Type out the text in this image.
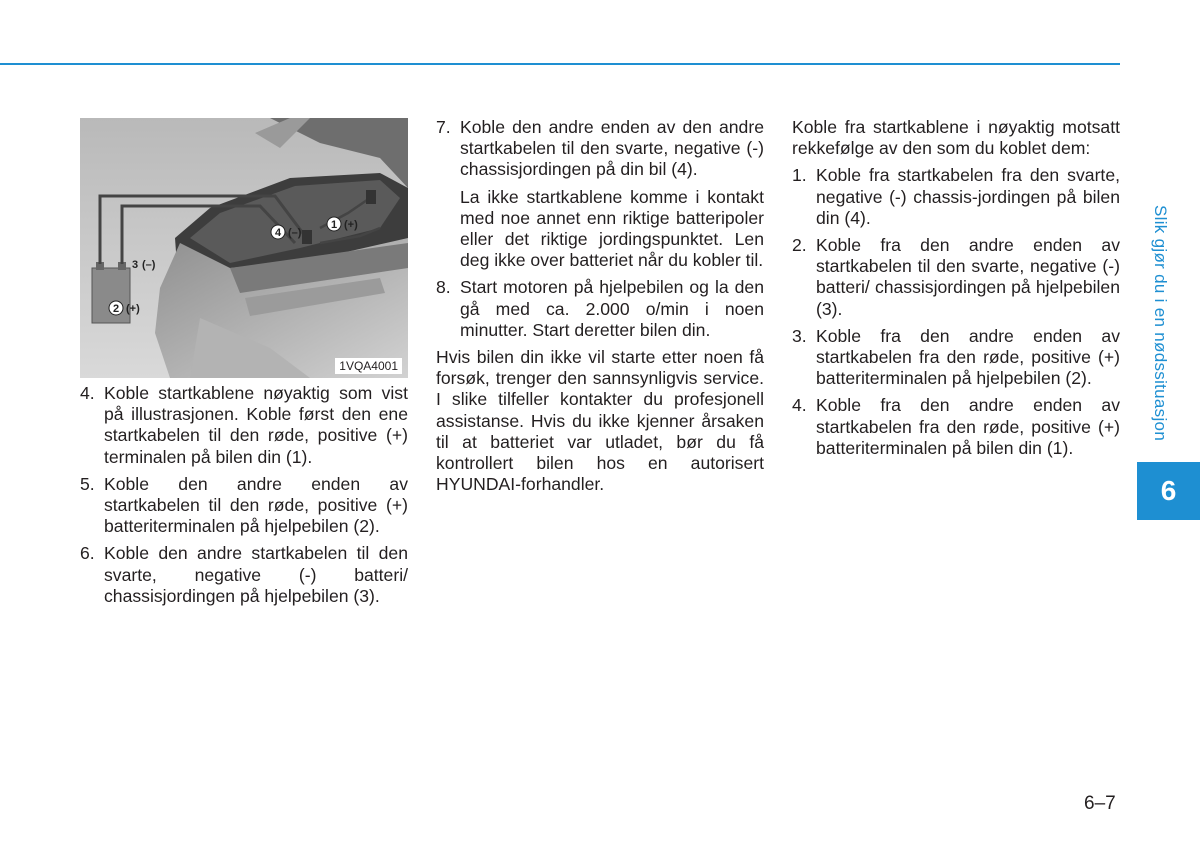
1 (+)
2 (+)
3 (–)
4 (–)
1VQA4001
4. Koble startkablene nøyaktig som vist på illustrasjonen. Koble først den ene startkabelen til den røde, positive (+) terminalen på bilen din (1).
5. Koble den andre enden av startkabelen til den røde, positive (+) batteriterminalen på hjelpebilen (2).
6. Koble den andre startkabelen til den svarte, negative (-) batteri/ chassisjordingen på hjelpebilen (3).
7. Koble den andre enden av den andre startkabelen til den svarte, negative (-) chassisjordingen på din bil (4).

La ikke startkablene komme i kontakt med noe annet enn riktige batteripoler eller det riktige jordingspunktet. Len deg ikke over batteriet når du kobler til.

8. Start motoren på hjelpebilen og la den gå med ca. 2.000 o/min i noen minutter. Start deretter bilen din.

Hvis bilen din ikke vil starte etter noen få forsøk, trenger den sannsynligvis service. I slike tilfeller kontakter du profesjonell assistanse. Hvis du ikke kjenner årsaken til at batteriet var utladet, bør du få kontrollert bilen hos en autorisert HYUNDAI-forhandler.

Koble fra startkablene i nøyaktig motsatt rekkefølge av den som du koblet dem:

1. Koble fra startkabelen fra den svarte, negative (-) chassis-jordingen på bilen din (4).
2. Koble fra den andre enden av startkabelen til den svarte, negative (-) batteri/ chassisjordingen på hjelpebilen (3).
3. Koble fra den andre enden av startkabelen fra den røde, positive (+) batteriterminalen på hjelpebilen (2).
4. Koble fra den andre enden av startkabelen fra den røde, positive (+) batteriterminalen på bilen din (1).
Slik gjør du i en nødssituasjon
6
6–7
